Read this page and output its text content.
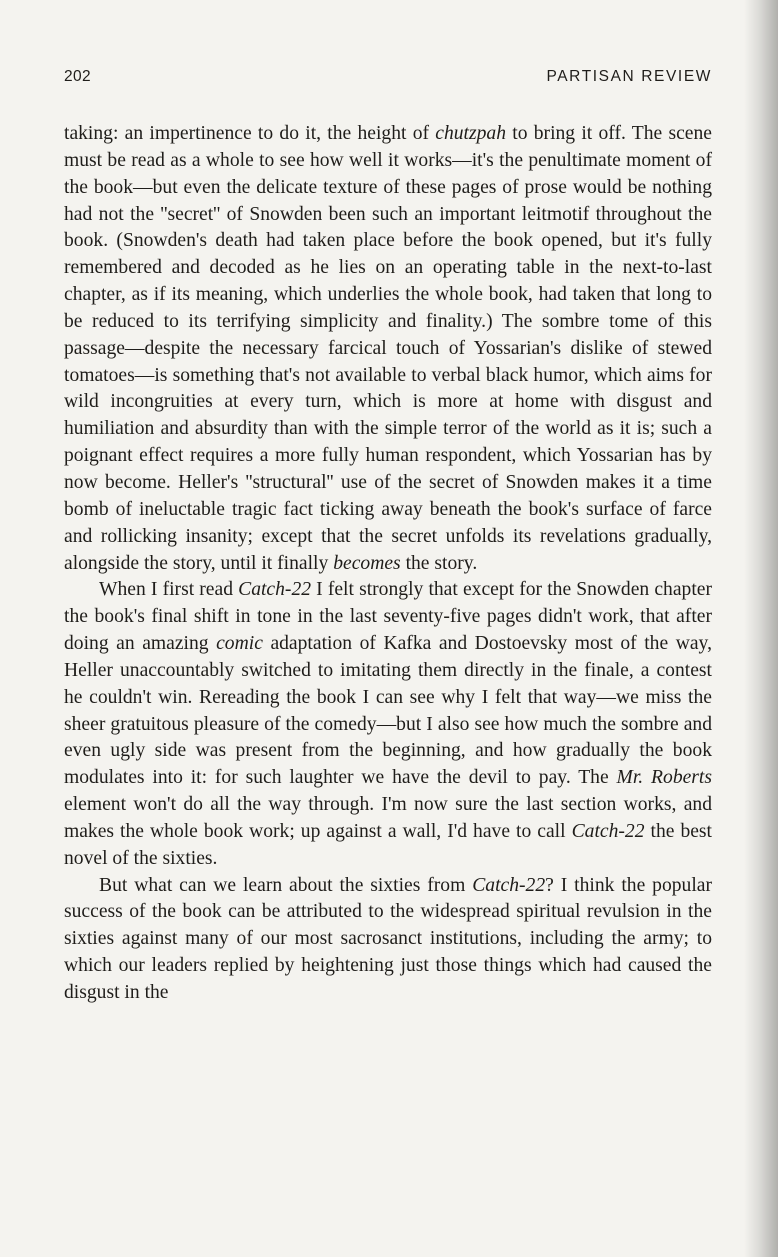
202	PARTISAN REVIEW

taking: an impertinence to do it, the height of chutzpah to bring it off. The scene must be read as a whole to see how well it works—it's the penultimate moment of the book—but even the delicate texture of these pages of prose would be nothing had not the ''secret'' of Snowden been such an important leitmotif throughout the book. (Snowden's death had taken place before the book opened, but it's fully remembered and decoded as he lies on an operating table in the next-to-last chapter, as if its meaning, which underlies the whole book, had taken that long to be reduced to its terrifying simplicity and finality.) The sombre tome of this passage—despite the necessary farcical touch of Yossarian's dislike of stewed tomatoes—is something that's not available to verbal black humor, which aims for wild incongruities at every turn, which is more at home with disgust and humiliation and absurdity than with the simple terror of the world as it is; such a poignant effect requires a more fully human respondent, which Yossarian has by now become. Heller's ''structural'' use of the secret of Snowden makes it a time bomb of ineluctable tragic fact ticking away beneath the book's surface of farce and rollicking insanity; except that the secret unfolds its revelations gradually, alongside the story, until it finally becomes the story.

When I first read Catch-22 I felt strongly that except for the Snowden chapter the book's final shift in tone in the last seventy-five pages didn't work, that after doing an amazing comic adaptation of Kafka and Dostoevsky most of the way, Heller unaccountably switched to imitating them directly in the finale, a contest he couldn't win. Rereading the book I can see why I felt that way—we miss the sheer gratuitous pleasure of the comedy—but I also see how much the sombre and even ugly side was present from the beginning, and how gradually the book modulates into it: for such laughter we have the devil to pay. The Mr. Roberts element won't do all the way through. I'm now sure the last section works, and makes the whole book work; up against a wall, I'd have to call Catch-22 the best novel of the sixties.

But what can we learn about the sixties from Catch-22? I think the popular success of the book can be attributed to the widespread spiritual revulsion in the sixties against many of our most sacrosanct institutions, including the army; to which our leaders replied by heightening just those things which had caused the disgust in the
